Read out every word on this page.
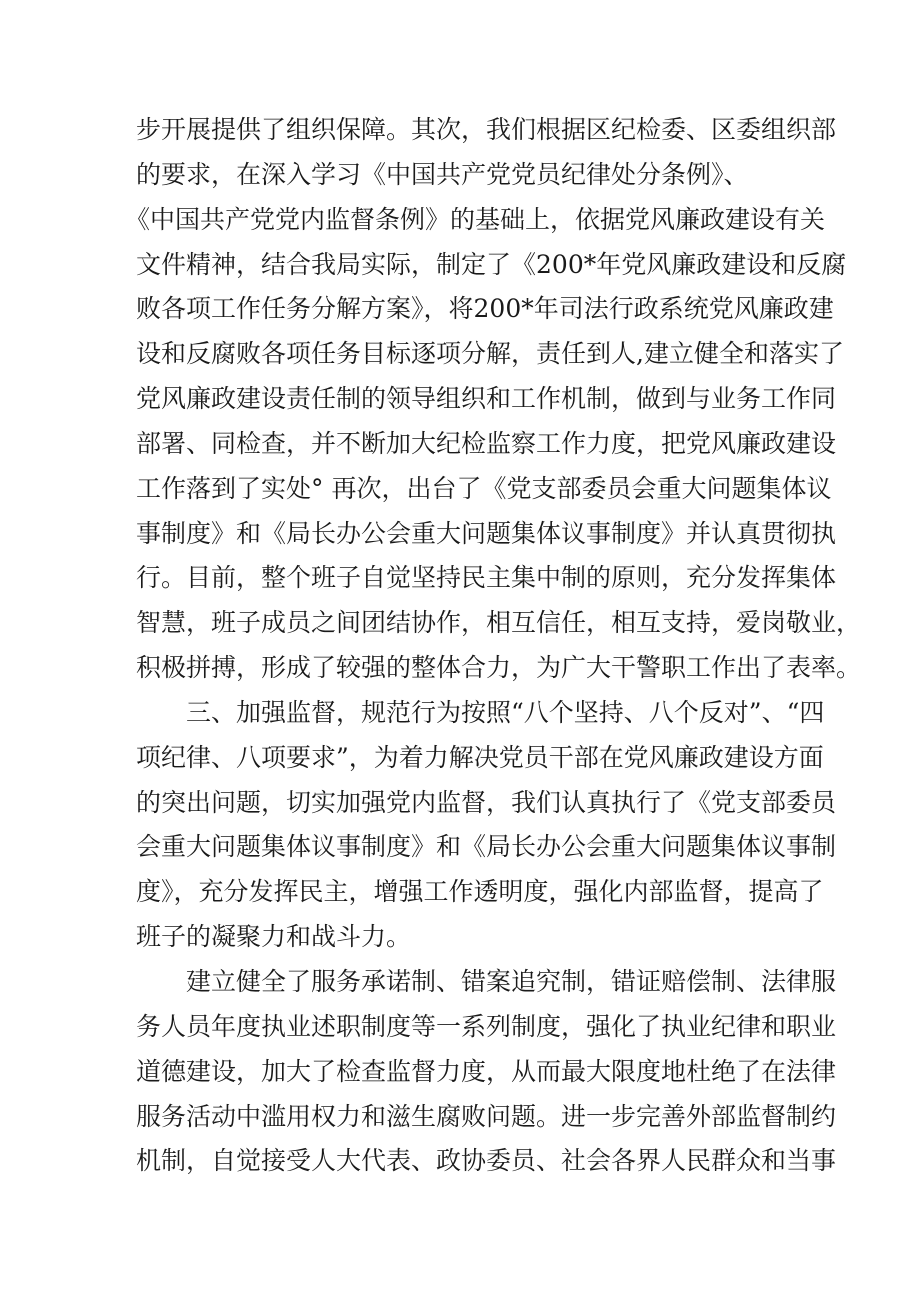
步开展提供了组织保障。其次，我们根据区纪检委、区委组织部
的要求，在深入学习《中国共产党党员纪律处分条例》、
《中国共产党党内监督条例》的基础上，依据党风廉政建设有关
文件精神，结合我局实际，制定了《200*年党风廉政建设和反腐
败各项工作任务分解方案》，将200*年司法行政系统党风廉政建
设和反腐败各项任务目标逐项分解，责任到人,建立健全和落实了
党风廉政建设责任制的领导组织和工作机制，做到与业务工作同
部署、同检查，并不断加大纪检监察工作力度，把党风廉政建设
工作落到了实处° 再次，出台了《党支部委员会重大问题集体议
事制度》和《局长办公会重大问题集体议事制度》并认真贯彻执
行。目前，整个班子自觉坚持民主集中制的原则，充分发挥集体
智慧，班子成员之间团结协作，相互信任，相互支持，爱岗敬业，
积极拼搏，形成了较强的整体合力，为广大干警职工作出了表率。
三、加强监督，规范行为按照“八个坚持、八个反对”、“四
项纪律、八项要求”，为着力解决党员干部在党风廉政建设方面
的突出问题，切实加强党内监督，我们认真执行了《党支部委员
会重大问题集体议事制度》和《局长办公会重大问题集体议事制
度》，充分发挥民主，增强工作透明度，强化内部监督，提高了
班子的凝聚力和战斗力。
建立健全了服务承诺制、错案追究制，错证赔偿制、法律服
务人员年度执业述职制度等一系列制度，强化了执业纪律和职业
道德建设，加大了检查监督力度，从而最大限度地杜绝了在法律
服务活动中滥用权力和滋生腐败问题。进一步完善外部监督制约
机制，自觉接受人大代表、政协委员、社会各界人民群众和当事
